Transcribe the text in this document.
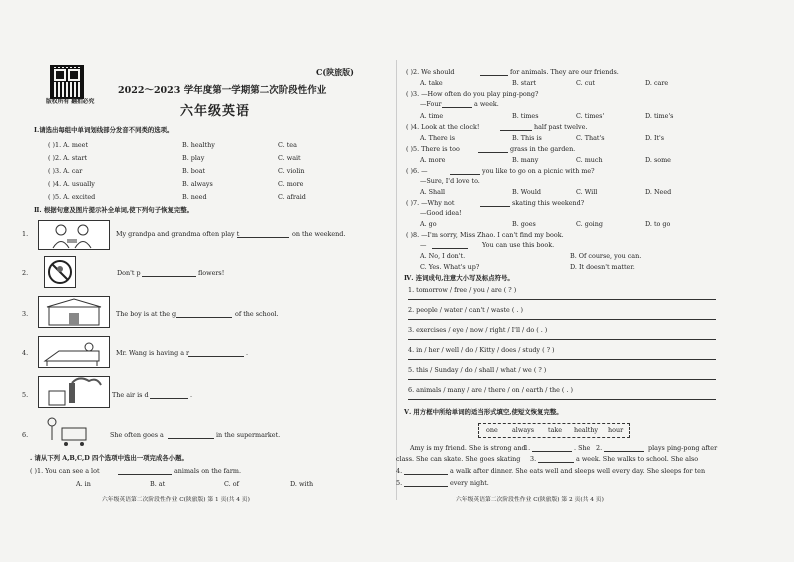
版权所有 翻拍必究
C(陕旅版)
2022～2023 学年度第一学期第二次阶段性作业
六年级英语
Ⅰ.请选出每组中单词划线部分发音不同类的选项。
( )1. A. meet	B. healthy	C. tea
( )2. A. start	B. play	C. wait
( )3. A. car	B. boat	C. violin
( )4. A. usually	B. always	C. more
( )5. A. excited	B. need	C. afraid
Ⅱ. 根据句意及图片提示补全单词,使下列句子恢复完整。
1.	My grandpa and grandma often play t	on the weekend.
2.	Don't p	flowers!
3.	The boy is at the g	of the school.
4.	Mr. Wang is having a r	.
5.	The air is d	.
6.	She often goes a	in the supermarket.
. 请从下列 A,B,C,D 四个选项中选出一项完成各小题。
( )1. You can see a lot	animals on the farm.
A. in	B. at	C. of	D. with
六年级英语第二次阶段性作业 C(陕旅版) 第 1 页(共 4 页)
( )2. We should	for animals. They are our friends.
A. take	B. start	C. cut	D. care
( )3. —How often do you play ping-pong?
—Four	a week.
A. time	B. times	C. times'	D. time's
( )4. Look at the clock!	half past twelve.
A. There is	B. This is	C. That's	D. It's
( )5. There is too	grass in the garden.
A. more	B. many	C. much	D. some
( )6. —	you like to go on a picnic with me?
—Sure, I'd love to.
A. Shall	B. Would	C. Will	D. Need
( )7. —Why not	skating this weekend?
—Good idea!
A. go	B. goes	C. going	D. to go
( )8. —I'm sorry, Miss Zhao. I can't find my book.
—	You can use this book.
A. No, I don't.	B. Of course, you can.
C. Yes. What's up?	D. It doesn't matter.
Ⅳ. 连词成句,注意大小写及标点符号。
1. tomorrow / free / you / are ( ? )
2. people / water / can't / waste ( . )
3. exercises / eye / now / right / I'll / do ( . )
4. in / her / well / do / Kitty / does / study ( ? )
5. this / Sunday / do / shall / what / we ( ? )
6. animals / many / are / there / on / earth / the ( . )
Ⅴ. 用方框中所给单词的适当形式填空,使短文恢复完整。
one always take healthy hour
Amy is my friend. She is strong and
1.	. She 2.	plays ping-pong after
class. She can skate. She goes skating 3.	a week. She walks to school. She also
4.	a walk after dinner. She eats well and sleeps well every day. She sleeps for ten
5.	every night.
六年级英语第二次阶段性作业 C(陕旅版) 第 2 页(共 4 页)
